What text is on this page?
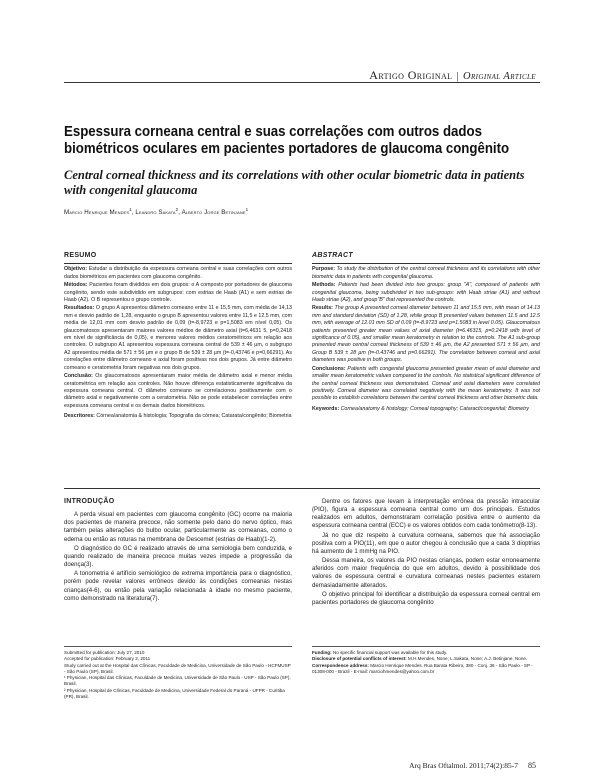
Artigo Original | Original Article
Espessura corneana central e suas correlações com outros dados biométricos oculares em pacientes portadores de glaucoma congênito
Central corneal thickness and its correlations with other ocular biometric data in patients with congenital glaucoma
Marcio Henrique Mendes$^1$, Leandro Sakata$^2$, Alberto Jorge Betinjane$^1$
RESUMO

Objetivo: Estudar a distribuição da espessura corneana central e suas correlações com outros dados biométricos em pacientes com glaucoma congênito.

Métodos: Pacientes foram divididos em dois grupos: o A composto por portadores de glaucoma congênito, sendo este subdividido em subgrupos: com estrias de Haab (A1) e sem estrias de Haab (A2). O B representou o grupo controle.

Resultados: O grupo A apresentou diâmetro corneano entre 11 e 15,5 mm, com média de 14,13 mm e desvio padrão de 1,28, enquanto o grupo B apresentou valores entre 11,5 e 12,5 mm, com média de 12,01 mm com desvio padrão de 0,09 (t=-8,9723 e p=1,5083 em nível 0,05). Os glaucomatosos apresentaram maiores valores médios de diâmetro axial (t=6,4631 5, p=0,2418 em nível de significância de 0,05), e menores valores médios ceratométricos em relação aos controles. O subgrupo A1 apresentou espessura corneana central de 539 ± 46 µm, o subgrupo A2 apresentou média de 571 ± 56 µm e o grupo B de 539 ± 28 µm (t=-0,43746 e p=0,66291). As correlações entre diâmetro corneano e axial foram positivas nos dois grupos. Já entre diâmetro corneano e ceratometria foram negativas nos dois grupos.

Conclusão: Os glaucomatosos apresentaram maior média de diâmetro axial e menor média ceratométrica em relação aos controles. Não houve diferença estatisticamente significativa da espessura corneana central. O diâmetro corneano se correlacionou positivamente com o diâmetro axial e negativamente com a ceratometria. Não se pode estabelecer correlações entre espessura corneana central e os demais dados biométricos.

Descritores: Córnea/anatomia & histologia; Topografia da córnea; Catarata/congênito; Biometria

ABSTRACT

Purpose: To study the distribution of the central corneal thickness and its correlations with other biometric data in patients with congenital glaucoma.

Methods: Patients had been divided into two groups: group "A", composed of patients with congenital glaucoma, being subdivided in two sub-groups: with Haab striae (A1) and without Haab striae (A2), and group"B" that represented the controls.

Results: The group A presented corneal diameter between 11 and 15.5 mm, with mean of 14.13 mm and standard deviation (SD) of 1.28, while group B presented values between 11.5 and 12.5 mm, with average of 12.01 mm SD of 0.09 (t=-8.9723 and p=1.5083 in level 0.05). Glaucomatous patients presented greater mean values of axial diameter (t=6.46315, p=0.2418 with level of significance of 0.05), and smaller mean keratometry in relation to the controls. The A1 sub-group presented mean central corneal thickness of 539 ± 46 µm, the A2 presented 571 ± 56 µm, and Group B 539 ± 28 µm (t=-0.43746 and p=0.66291). The correlation between corneal and axial diameters was positive in both groups.

Conclusions: Patients with congenital glaucoma presented greater mean of axial diameter and smaller mean keratometric values compared to the controls. No statistical significant difference of the central corneal thickness was demonstrated. Corneal and axial diameters were correlated positively. Corneal diameter was correlated negatively with the mean keratometry. It was not possible to establish correlations between the central corneal thickness and other biometric data.

Keywords: Cornea/anatomy & histology; Corneal topography; Cataract/congenital; Biometry

INTRODUÇÃO

A perda visual em pacientes com glaucoma congênito (GC) ocorre na maioria dos pacientes de maneira precoce, não somente pelo dano do nervo óptico, mas também pelas alterações do bulbo ocular, particularmente as corneanas, como o edema ou então as roturas na membrana de Descemet (estrias de Haab)(1-2).

O diagnóstico do GC é realizado através de uma semiologia bem conduzida, e quando realizado de maneira precoce muitas vezes impede a progressão da doença(3).

A tonometria é artifício semiológico de extrema importância para o diagnóstico, porém pode revelar valores errôneos devido às condições corneanas nestas crianças(4-6), ou então pela variação relacionada à idade no mesmo paciente, como demonstrado na literatura(7).

Dentre os fatores que levam à interpretação errônea da pressão intraocular (PIO), figura a espessura corneana central como um dos principais. Estudos realizados em adultos, demonstraram correlação positiva entre o aumento da espessura corneana central (ECC) e os valores obtidos com cada tonômetro(8-13).

Já no que diz respeito à curvatura corneana, sabemos que há associação positiva com a PIO(11), em que o autor chegou à conclusão que a cada 3 dioptrias há aumento de 1 mmHg na PIO.

Dessa maneira, os valores da PIO nestas crianças, podem estar erroneamente aferidos com maior frequência do que em adultos, devido à possibilidade dos valores de espessura central e curvatura corneanas nestes pacientes estarem demasiadamente alterados.

O objetivo principal foi identificar a distribuição da espessura corneal central em pacientes portadores de glaucoma congênito

Submitted for publication: July 27, 2010

Accepted for publication: February 2, 2011

Study carried out at the Hospital das Clínicas, Faculdade de Medicina, Universidade de São Paulo - HCFMUSP - São Paulo (SP), Brasil.

¹ Physician, Hospital das Clínicas, Faculdade de Medicina, Universidade de São Paulo - USP - São Paulo (SP), Brasil.

² Physician, Hospital de Clínicas, Faculdade de Medicina, Universidade Federal do Paraná - UFPR - Curitiba (PR), Brasil.

Funding: No specific financial support was available for this study.

Disclosure of potential conflicts of interest: M.H.Mendes, None; L.Sakata, None; A.J. Betinjane, None.

Correspondence address: Marcio Henrique Mendes. Rua Barata Ribeiro, 380 - Conj. 36 - São Paulo - SP - 01308-000 - Brazil - E-mail: marciohmendes@yahoo.com.br

Arq Bras Oftalmol. 2011;74(2):85-7 85
